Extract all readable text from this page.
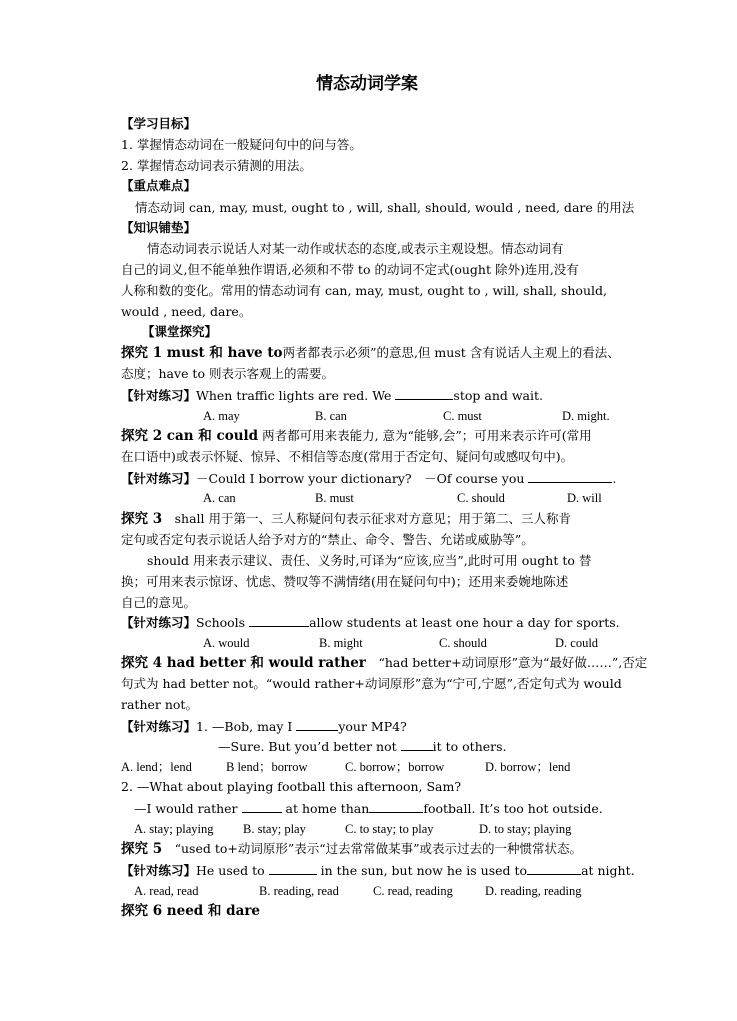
情态动词学案
【学习目标】
1. 掌握情态动词在一般疑问句中的问与答。
2. 掌握情态动词表示猜测的用法。
【重点难点】
情态动词 can, may, must, ought to , will, shall, should, would , need, dare 的用法
【知识铺垫】
情态动词表示说话人对某一动作或状态的态度,或表示主观设想。情态动词有
自己的词义,但不能单独作谓语,必须和不带 to 的动词不定式(ought 除外)连用,没有
人称和数的变化。常用的情态动词有 can, may, must, ought to , will, shall, should,
would , need, dare。
【课堂探究】
探究 1 must 和 have to两者都表示必须”的意思,但 must 含有说话人主观上的看法、
态度；have to 则表示客观上的需要。
【针对练习】When traffic lights are red. We	stop and wait.
A. may	B. can	C. must	D. might.
探究 2 can 和 could 两者都可用来表能力, 意为“能够,会”；可用来表示许可(常用
在口语中)或表示怀疑、惊异、不相信等态度(常用于否定句、疑问句或感叹句中)。
【针对练习】－Could I borrow your dictionary?　－Of course you	.
A. can	B. must	C. should	D. will
探究 3　 shall 用于第一、三人称疑问句表示征求对方意见；用于第二、三人称肯
定句或否定句表示说话人给予对方的“禁止、命令、警告、允诺或威胁等”。
should 用来表示建议、责任、义务时,可译为“应该,应当”,此时可用 ought to 替
换；可用来表示惊讶、忧虑、赞叹等不满情绪(用在疑问句中)；还用来委婉地陈述
自己的意见。
【针对练习】Schools	allow students at least one hour a day for sports.
A. would	B. might	C. should	D. could
探究 4 had better 和 would rather　 “had better+动词原形”意为“最好做……”,否定
句式为 had better not。“would rather+动词原形”意为“宁可,宁愿”,否定句式为 would
rather not。
【针对练习】1. —Bob, may I	your MP4?
—Sure. But you’d better not	it to others.
A. lend；lend	B lend；borrow	C. borrow；borrow	D. borrow；lend
2. —What about playing football this afternoon, Sam?
—I would rather	at home than	football. It’s too hot outside.
A. stay; playing B. stay; play	C. to stay; to play	D. to stay; playing
探究 5　 “used to+动词原形”表示“过去常常做某事”或表示过去的一种惯常状态。
【针对练习】He used to	in the sun, but now he is used to	at night.
A. read, read	B. reading, read	C. read, reading	D. reading, reading
探究 6 need 和 dare
